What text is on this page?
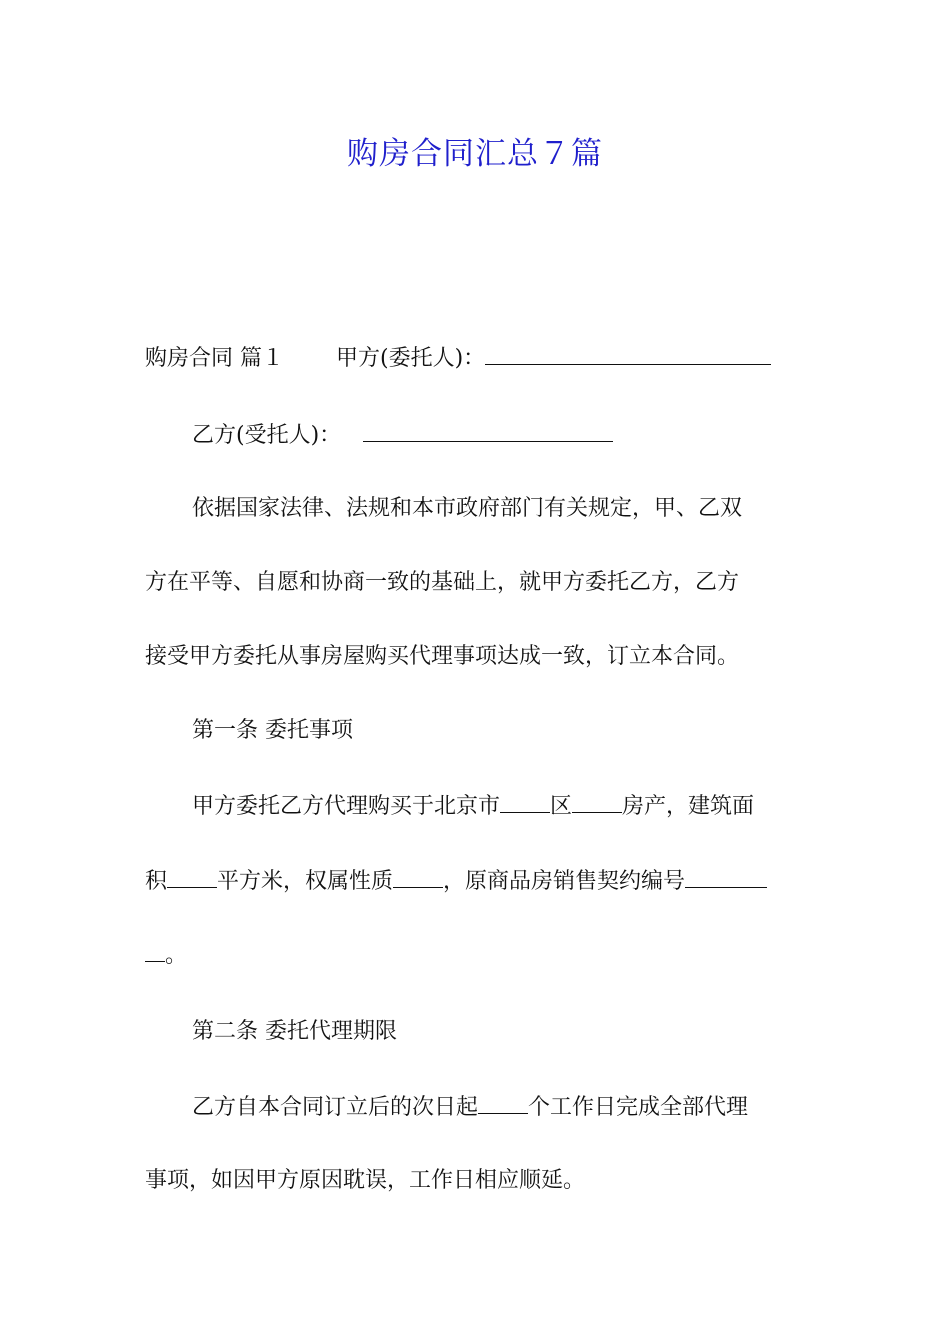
购房合同汇总７篇
购房合同 篇１ 甲方(委托人)：
乙方(受托人)：
依据国家法律、法规和本市政府部门有关规定，甲、乙双
方在平等、自愿和协商一致的基础上，就甲方委托乙方，乙方
接受甲方委托从事房屋购买代理事项达成一致，订立本合同。
第一条 委托事项
甲方委托乙方代理购买于北京市 区 房产，建筑面
积 平方米，权属性质 ，原商品房销售契约编号
。
第二条 委托代理期限
乙方自本合同订立后的次日起 个工作日完成全部代理
事项，如因甲方原因耽误，工作日相应顺延。
